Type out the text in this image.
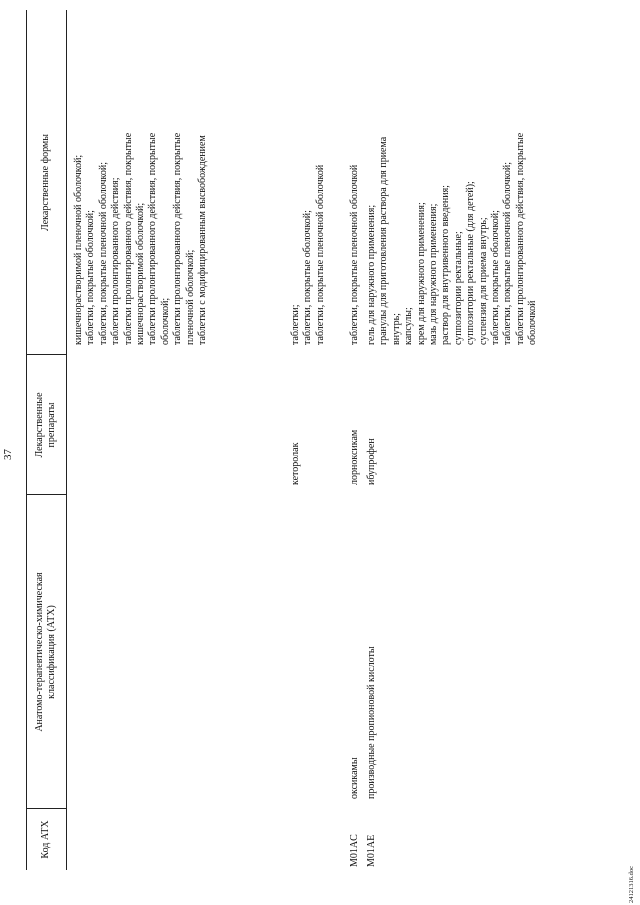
37
Код АТХ
Анатомо-терапевтическо-химическая
классификация (АТХ)
Лекарственные
препараты
Лекарственные формы кишечнорастворимой пленочной оболочкой; таблетки, покрытые оболочкой; таблетки, покрытые пленочной оболочкой; таблетки пролонгированного действия; таблетки пролонгированного действия, покрытые кишечнорастворимой оболочкой; таблетки пролонгированного действия, покрытые оболочкой; таблетки пролонгированного действия, покрытые пленочной оболочкой; таблетки с модифицированным высвобождением
кеторолак
таблетки; таблетки, покрытые оболочкой; таблетки, покрытые пленочной оболочкой
M01AC
оксикамы
лорноксикам
таблетки, покрытые пленочной оболочкой
M01AE
производные пропионовой кислоты
ибупрофен
гель для наружного применения; гранулы для приготовления раствора для приема внутрь; капсулы; крем для наружного применения; мазь для наружного применения; раствор для внутривенного введения; суппозитории ректальные; суппозитории ректальные (для детей); суспензия для приема внутрь; таблетки, покрытые оболочкой; таблетки, покрытые пленочной оболочкой; таблетки пролонгированного действия, покрытые оболочкой
24121316.doc
